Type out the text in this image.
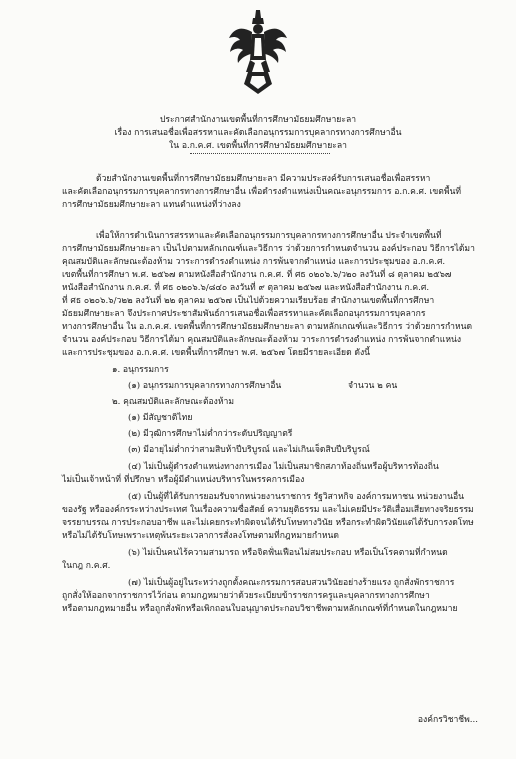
ประกาศสำนักงานเขตพื้นที่การศึกษามัธยมศึกษายะลา
เรื่อง การเสนอชื่อเพื่อสรรหาและคัดเลือกอนุกรรมการบุคลากรทางการศึกษาอื่น
ใน อ.ก.ค.ศ. เขตพื้นที่การศึกษามัธยมศึกษายะลา
ด้วยสำนักงานเขตพื้นที่การศึกษามัธยมศึกษายะลา มีความประสงค์รับการเสนอชื่อเพื่อสรรหา
และคัดเลือกอนุกรรมการบุคลากรทางการศึกษาอื่น เพื่อดำรงตำแหน่งเป็นคณะอนุกรรมการ อ.ก.ค.ศ. เขตพื้นที่
การศึกษามัธยมศึกษายะลา แทนตำแหน่งที่ว่างลง
เพื่อให้การดำเนินการสรรหาและคัดเลือกอนุกรรมการบุคลากรทางการศึกษาอื่น ประจำเขตพื้นที่
การศึกษามัธยมศึกษายะลา เป็นไปตามหลักเกณฑ์และวิธีการ ว่าด้วยการกำหนดจำนวน องค์ประกอบ วิธีการได้มา
คุณสมบัติและลักษณะต้องห้าม วาระการดำรงตำแหน่ง การพ้นจากตำแหน่ง และการประชุมของ อ.ก.ค.ศ.
เขตพื้นที่การศึกษา พ.ศ. ๒๕๖๗ ตามหนังสือสำนักงาน ก.ค.ศ. ที่ ศธ ๐๒๐๖.๖/ว๒๐ ลงวันที่ ๘ ตุลาคม ๒๕๖๗
หนังสือสำนักงาน ก.ค.ศ. ที่ ศธ ๐๒๐๖.๖/๘๔๐ ลงวันที่ ๙ ตุลาคม ๒๕๖๗ และหนังสือสำนักงาน ก.ค.ศ.
ที่ ศธ ๐๒๐๖.๖/ว๒๒ ลงวันที่ ๒๒ ตุลาคม ๒๕๖๗ เป็นไปด้วยความเรียบร้อย สำนักงานเขตพื้นที่การศึกษา
มัธยมศึกษายะลา จึงประกาศประชาสัมพันธ์การเสนอชื่อเพื่อสรรหาและคัดเลือกอนุกรรมการบุคลากร
ทางการศึกษาอื่น ใน อ.ก.ค.ศ. เขตพื้นที่การศึกษามัธยมศึกษายะลา ตามหลักเกณฑ์และวิธีการ ว่าด้วยการกำหนด
จำนวน องค์ประกอบ วิธีการได้มา คุณสมบัติและลักษณะต้องห้าม วาระการดำรงตำแหน่ง การพ้นจากตำแหน่ง
และการประชุมของ อ.ก.ค.ศ. เขตพื้นที่การศึกษา พ.ศ. ๒๕๖๗ โดยมีรายละเอียด ดังนี้
๑. อนุกรรมการ
(๑) อนุกรรมการบุคลากรทางการศึกษาอื่น	จำนวน ๒ คน
๒. คุณสมบัติและลักษณะต้องห้าม
(๑) มีสัญชาติไทย
(๒) มีวุฒิการศึกษาไม่ต่ำกว่าระดับปริญญาตรี
(๓) มีอายุไม่ต่ำกว่าสามสิบห้าปีบริบูรณ์ และไม่เกินเจ็ดสิบปีบริบูรณ์
(๔) ไม่เป็นผู้ดำรงตำแหน่งทางการเมือง ไม่เป็นสมาชิกสภาท้องถิ่นหรือผู้บริหารท้องถิ่น
ไม่เป็นเจ้าหน้าที่ ที่ปรึกษา หรือผู้มีตำแหน่งบริหารในพรรคการเมือง
(๕) เป็นผู้ที่ได้รับการยอมรับจากหน่วยงานราชการ รัฐวิสาหกิจ องค์การมหาชน หน่วยงานอื่น
ของรัฐ หรือองค์กรระหว่างประเทศ ในเรื่องความซื่อสัตย์ ความยุติธรรม และไม่เคยมีประวัติเสื่อมเสียทางจริยธรรม
จรรยาบรรณ การประกอบอาชีพ และไม่เคยกระทำผิดจนได้รับโทษทางวินัย หรือกระทำผิดวินัยแต่ได้รับการงดโทษ
หรือไม่ได้รับโทษเพราะเหตุพ้นระยะเวลาการสั่งลงโทษตามที่กฎหมายกำหนด
(๖) ไม่เป็นคนไร้ความสามารถ หรือจิตฟั่นเฟือนไม่สมประกอบ หรือเป็นโรคตามที่กำหนด
ในกฎ ก.ค.ศ.
(๗) ไม่เป็นผู้อยู่ในระหว่างถูกตั้งคณะกรรมการสอบสวนวินัยอย่างร้ายแรง ถูกสั่งพักราชการ
ถูกสั่งให้ออกจากราชการไว้ก่อน ตามกฎหมายว่าด้วยระเบียบข้าราชการครูและบุคลากรทางการศึกษา
หรือตามกฎหมายอื่น หรือถูกสั่งพักหรือเพิกถอนใบอนุญาตประกอบวิชาชีพตามหลักเกณฑ์ที่กำหนดในกฎหมาย
องค์กรวิชาชีพ...
